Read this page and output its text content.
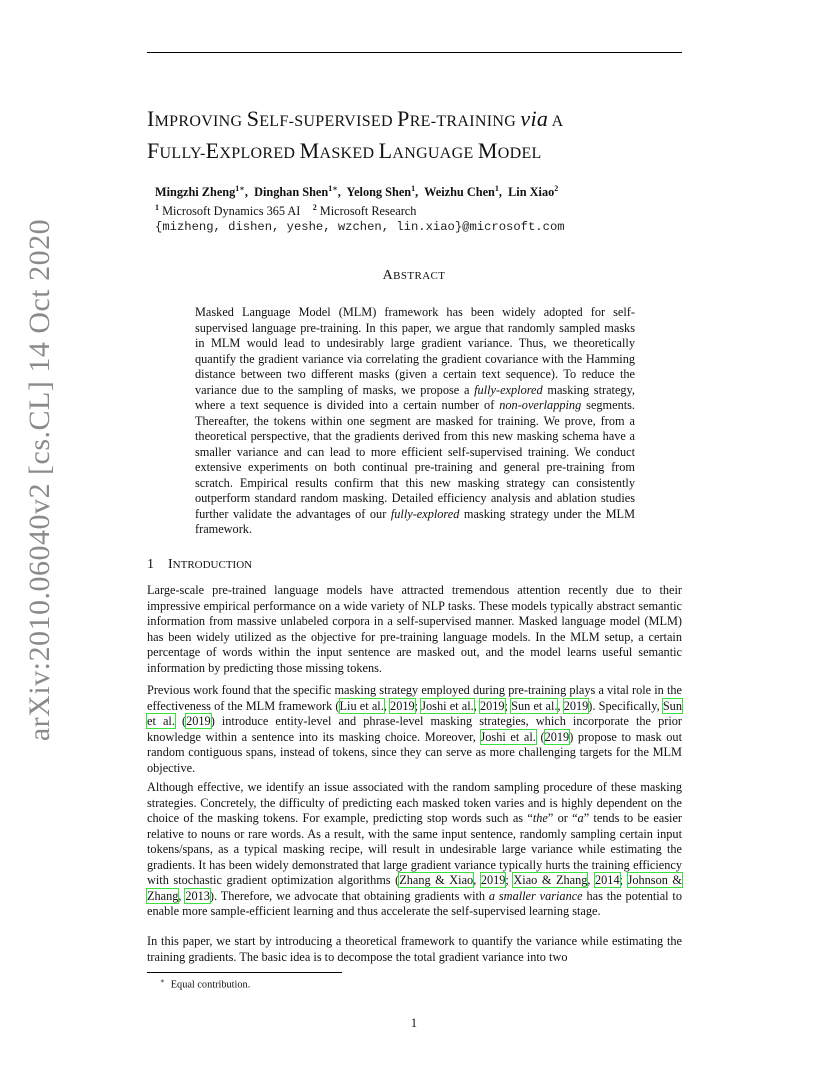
arXiv:2010.06040v2 [cs.CL] 14 Oct 2020
IMPROVING SELF-SUPERVISED PRE-TRAINING via A
FULLY-EXPLORED MASKED LANGUAGE MODEL
Mingzhi Zheng$^{1∗}$,  Dinghan Shen$^{1∗}$,  Yelong Shen$^1$,  Weizhu Chen$^1$,  Lin Xiao$^2$
$^1$ Microsoft Dynamics 365 AI $^2$ Microsoft Research
{mizheng, dishen, yeshe, wzchen, lin.xiao}@microsoft.com
ABSTRACT

Masked Language Model (MLM) framework has been widely adopted for self-supervised language pre-training. In this paper, we argue that randomly sampled masks in MLM would lead to undesirably large gradient variance. Thus, we theoretically quantify the gradient variance via correlating the gradient covariance with the Hamming distance between two different masks (given a certain text sequence). To reduce the variance due to the sampling of masks, we propose a fully-explored masking strategy, where a text sequence is divided into a certain number of non-overlapping segments. Thereafter, the tokens within one segment are masked for training. We prove, from a theoretical perspective, that the gradients derived from this new masking schema have a smaller variance and can lead to more efficient self-supervised training. We conduct extensive experiments on both continual pre-training and general pre-training from scratch. Empirical results confirm that this new masking strategy can consistently outperform standard random masking. Detailed efficiency analysis and ablation studies further validate the advantages of our fully-explored masking strategy under the MLM framework.

1 INTRODUCTION

Large-scale pre-trained language models have attracted tremendous attention recently due to their impressive empirical performance on a wide variety of NLP tasks. These models typically abstract semantic information from massive unlabeled corpora in a self-supervised manner. Masked language model (MLM) has been widely utilized as the objective for pre-training language models. In the MLM setup, a certain percentage of words within the input sentence are masked out, and the model learns useful semantic information by predicting those missing tokens.

Previous work found that the specific masking strategy employed during pre-training plays a vital role in the effectiveness of the MLM framework (Liu et al., 2019; Joshi et al., 2019; Sun et al., 2019). Specifically, Sun et al. (2019) introduce entity-level and phrase-level masking strategies, which incorporate the prior knowledge within a sentence into its masking choice. Moreover, Joshi et al. (2019) propose to mask out random contiguous spans, instead of tokens, since they can serve as more challenging targets for the MLM objective.

Although effective, we identify an issue associated with the random sampling procedure of these masking strategies. Concretely, the difficulty of predicting each masked token varies and is highly dependent on the choice of the masking tokens. For example, predicting stop words such as “the” or “a” tends to be easier relative to nouns or rare words. As a result, with the same input sentence, randomly sampling certain input tokens/spans, as a typical masking recipe, will result in undesirable large variance while estimating the gradients. It has been widely demonstrated that large gradient variance typically hurts the training efficiency with stochastic gradient optimization algorithms (Zhang & Xiao, 2019; Xiao & Zhang, 2014; Johnson & Zhang, 2013). Therefore, we advocate that obtaining gradients with a smaller variance has the potential to enable more sample-efficient learning and thus accelerate the self-supervised learning stage.

In this paper, we start by introducing a theoretical framework to quantify the variance while estimating the training gradients. The basic idea is to decompose the total gradient variance into two

∗ Equal contribution.
1
